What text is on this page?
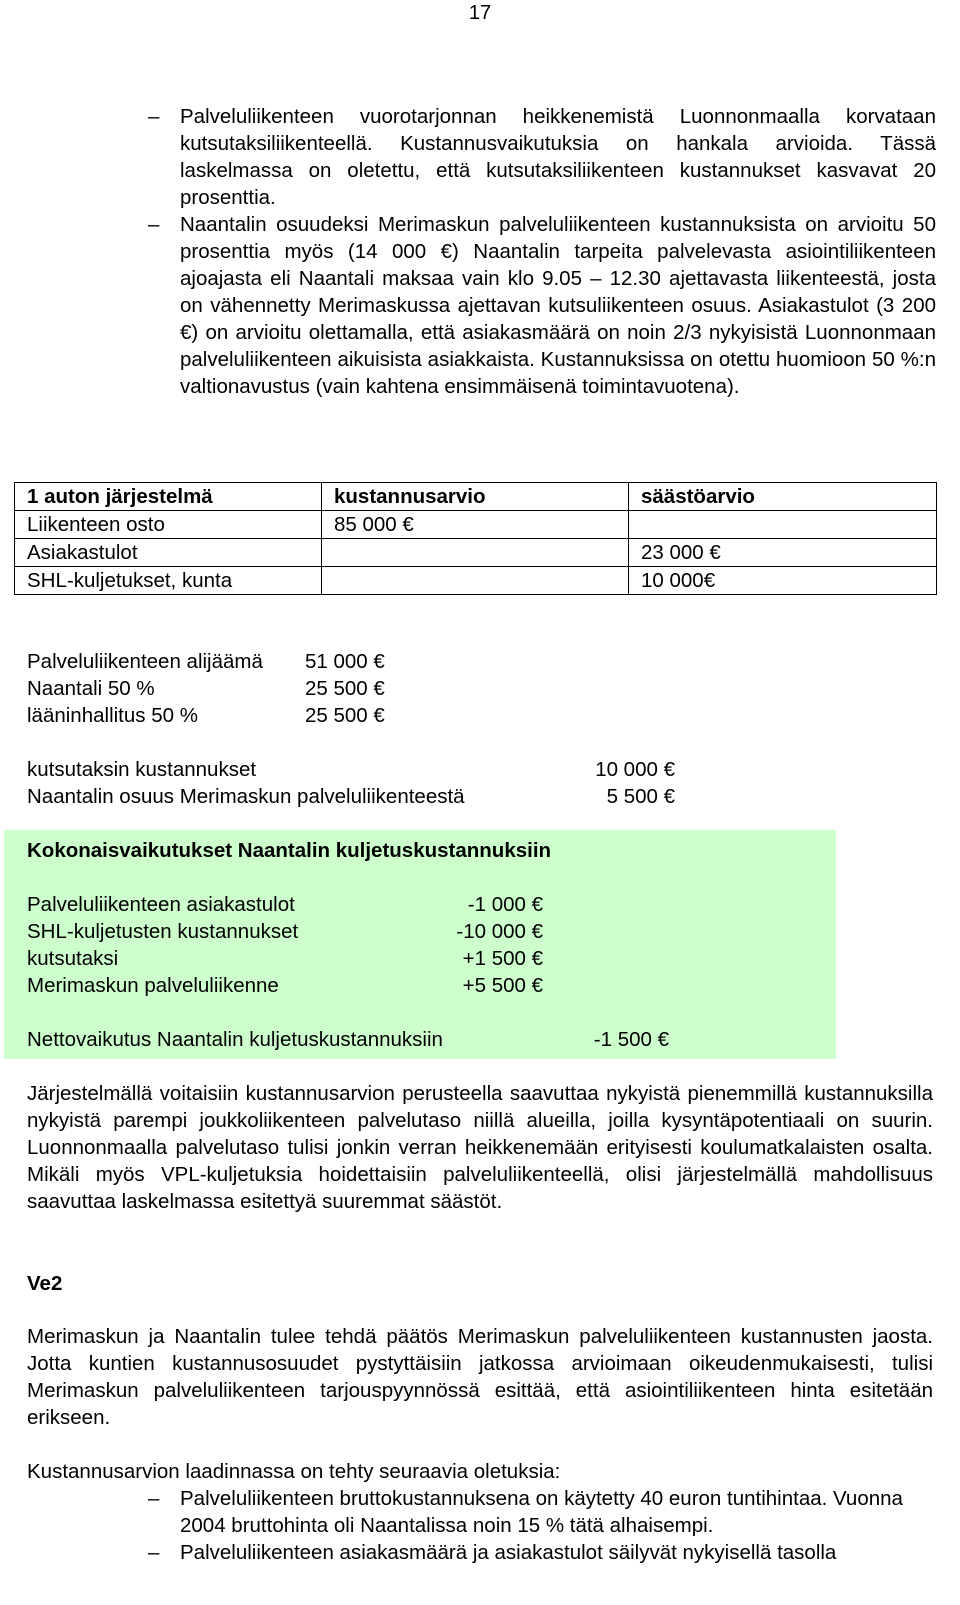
17
–	Palveluliikenteen vuorotarjonnan heikkenemistä Luonnonmaalla korvataan kutsutaksiliikenteellä. Kustannusvaikutuksia on hankala arvioida. Tässä laskelmassa on oletettu, että kutsutaksiliikenteen kustannukset kasvavat 20 prosenttia.
–	Naantalin osuudeksi Merimaskun palveluliikenteen kustannuksista on arvioitu 50 prosenttia myös (14 000 €) Naantalin tarpeita palvelevasta asiointiliikenteen ajoajasta eli Naantali maksaa vain klo 9.05 – 12.30 ajettavasta liikenteestä, josta on vähennetty Merimaskussa ajettavan kutsuliikenteen osuus. Asiakastulot (3 200 €) on arvioitu olettamalla, että asiakasmäärä on noin 2/3 nykyisistä Luonnonmaan palveluliikenteen aikuisista asiakkaista. Kustannuksissa on otettu huomioon 50 %:n valtionavustus (vain kahtena ensimmäisenä toimintavuotena).
1 auton järjestelmä	kustannusarvio	säästöarvio
Liikenteen osto	85 000 €	
Asiakastulot		23 000 €
SHL-kuljetukset, kunta		10 000€
Palveluliikenteen alijäämä	51 000 €
Naantali 50 %	25 500 €
lääninhallitus 50 %	25 500 €
kutsutaksin kustannukset	10 000 €
Naantalin osuus Merimaskun palveluliikenteestä	5 500 €
Kokonaisvaikutukset Naantalin kuljetuskustannuksiin
Palveluliikenteen asiakastulot	-1 000 €
SHL-kuljetusten kustannukset	-10 000 €
kutsutaksi	+1 500 €
Merimaskun palveluliikenne	+5 500 €
Nettovaikutus Naantalin kuljetuskustannuksiin	-1 500 €
Järjestelmällä voitaisiin kustannusarvion perusteella saavuttaa nykyistä pienemmillä kustannuksilla nykyistä parempi joukkoliikenteen palvelutaso niillä alueilla, joilla kysyntäpotentiaali on suurin. Luonnonmaalla palvelutaso tulisi jonkin verran heikkenemään erityisesti koulumatkalaisten osalta. Mikäli myös VPL-kuljetuksia hoidettaisiin palveluliikenteellä, olisi järjestelmällä mahdollisuus saavuttaa laskelmassa esitettyä suuremmat säästöt.
Ve2
Merimaskun ja Naantalin tulee tehdä päätös Merimaskun palveluliikenteen kustannusten jaosta. Jotta kuntien kustannusosuudet pystyttäisiin jatkossa arvioimaan oikeudenmukaisesti, tulisi Merimaskun palveluliikenteen tarjouspyynnössä esittää, että asiointiliikenteen hinta esitetään erikseen.
Kustannusarvion laadinnassa on tehty seuraavia oletuksia:
–	Palveluliikenteen bruttokustannuksena on käytetty 40 euron tuntihintaa. Vuonna 2004 bruttohinta oli Naantalissa noin 15 % tätä alhaisempi.
–	Palveluliikenteen asiakasmäärä ja asiakastulot säilyvät nykyisellä tasolla
